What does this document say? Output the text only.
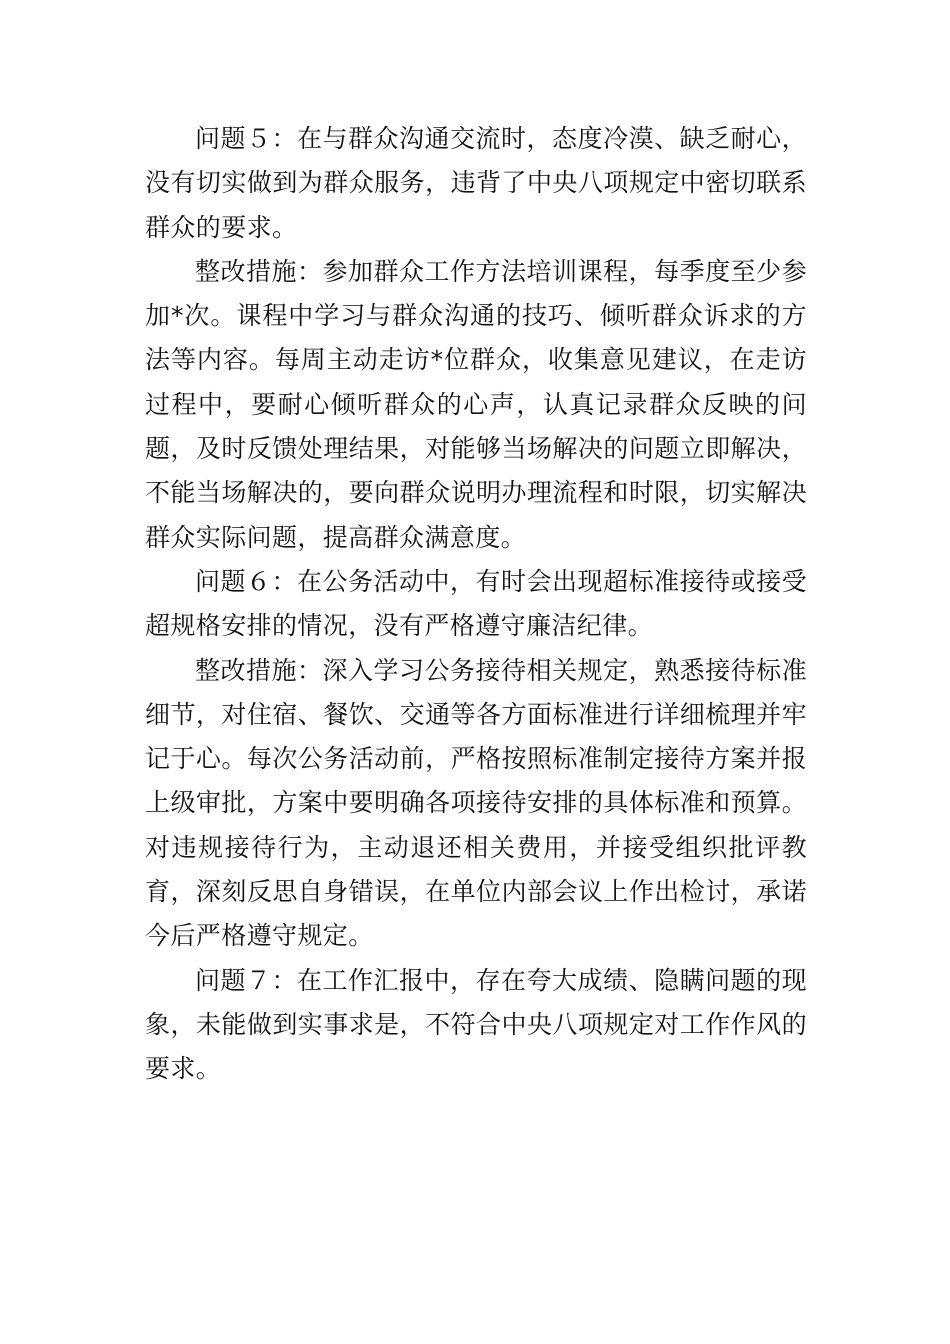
问题５：在与群众沟通交流时，态度冷漠、缺乏耐心，没有切实做到为群众服务，违背了中央八项规定中密切联系群众的要求。

整改措施：参加群众工作方法培训课程，每季度至少参加*次。课程中学习与群众沟通的技巧、倾听群众诉求的方法等内容。每周主动走访*位群众，收集意见建议，在走访过程中，要耐心倾听群众的心声，认真记录群众反映的问题，及时反馈处理结果，对能够当场解决的问题立即解决，不能当场解决的，要向群众说明办理流程和时限，切实解决群众实际问题，提高群众满意度。

问题６：在公务活动中，有时会出现超标准接待或接受超规格安排的情况，没有严格遵守廉洁纪律。

整改措施：深入学习公务接待相关规定，熟悉接待标准细节，对住宿、餐饮、交通等各方面标准进行详细梳理并牢记于心。每次公务活动前，严格按照标准制定接待方案并报上级审批，方案中要明确各项接待安排的具体标准和预算。对违规接待行为，主动退还相关费用，并接受组织批评教育，深刻反思自身错误，在单位内部会议上作出检讨，承诺今后严格遵守规定。

问题７：在工作汇报中，存在夸大成绩、隐瞒问题的现象，未能做到实事求是，不符合中央八项规定对工作作风的要求。
